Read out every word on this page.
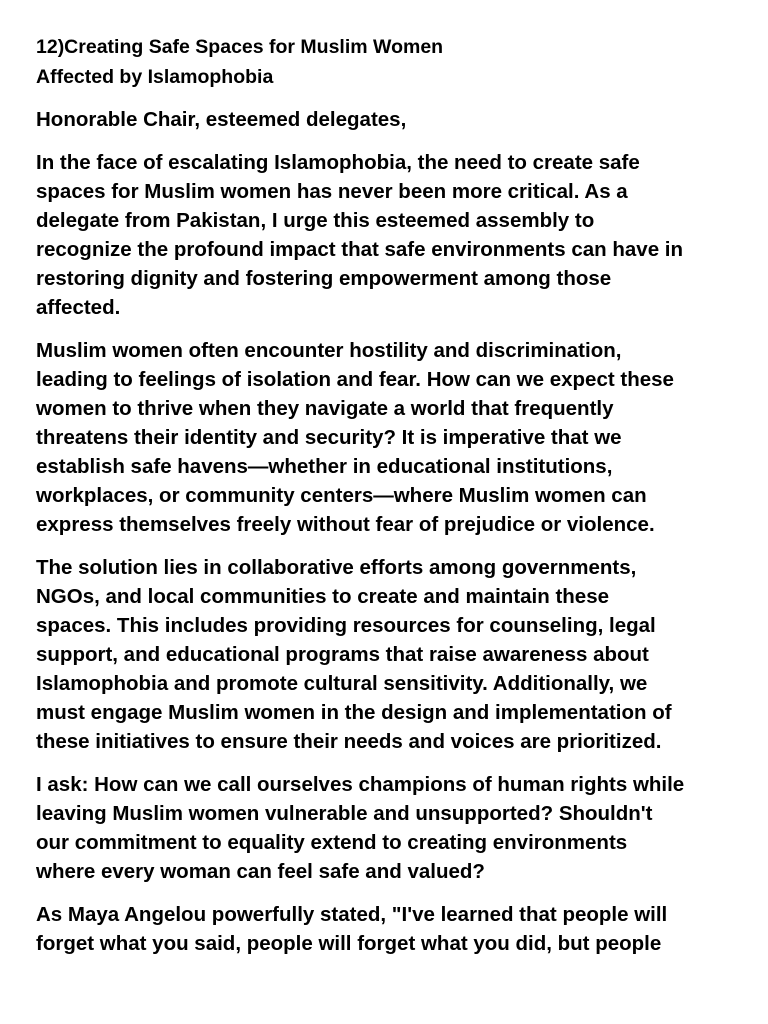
12)Creating Safe Spaces for Muslim Women
Affected by Islamophobia
Honorable Chair, esteemed delegates,
In the face of escalating Islamophobia, the need to create safe
spaces for Muslim women has never been more critical. As a
delegate from Pakistan, I urge this esteemed assembly to
recognize the profound impact that safe environments can have in
restoring dignity and fostering empowerment among those
affected.
Muslim women often encounter hostility and discrimination,
leading to feelings of isolation and fear. How can we expect these
women to thrive when they navigate a world that frequently
threatens their identity and security? It is imperative that we
establish safe havens—whether in educational institutions,
workplaces, or community centers—where Muslim women can
express themselves freely without fear of prejudice or violence.
The solution lies in collaborative efforts among governments,
NGOs, and local communities to create and maintain these
spaces. This includes providing resources for counseling, legal
support, and educational programs that raise awareness about
Islamophobia and promote cultural sensitivity. Additionally, we
must engage Muslim women in the design and implementation of
these initiatives to ensure their needs and voices are prioritized.
I ask: How can we call ourselves champions of human rights while
leaving Muslim women vulnerable and unsupported? Shouldn't
our commitment to equality extend to creating environments
where every woman can feel safe and valued?
As Maya Angelou powerfully stated, "I've learned that people will
forget what you said, people will forget what you did, but people
